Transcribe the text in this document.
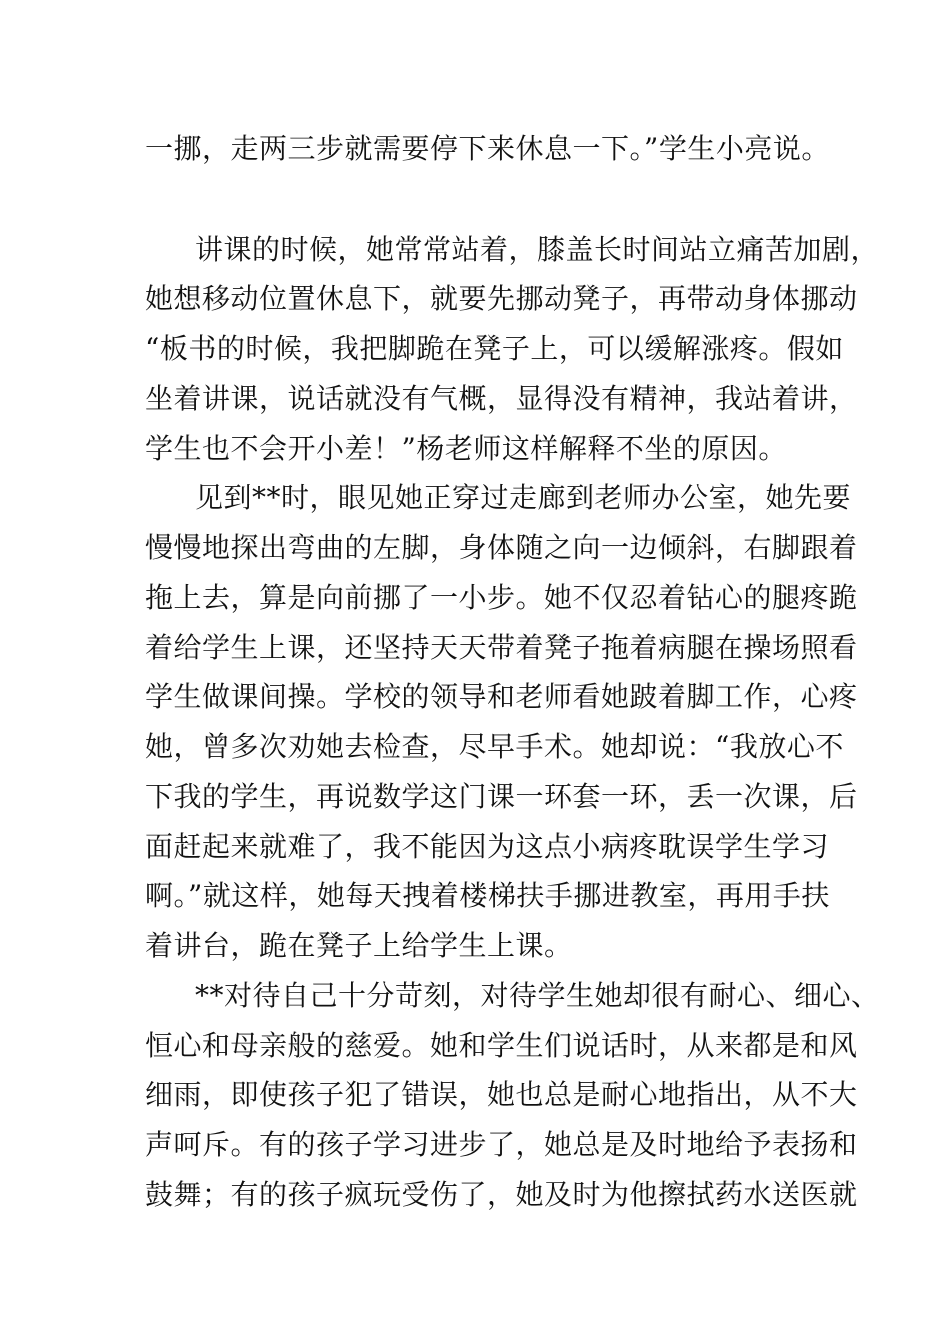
一挪，走两三步就需要停下来休息一下。”学生小亮说。
讲课的时候，她常常站着，膝盖长时间站立痛苦加剧，
她想移动位置休息下，就要先挪动凳子，再带动身体挪动
“板书的时候，我把脚跪在凳子上，可以缓解涨疼。假如
坐着讲课，说话就没有气概，显得没有精神，我站着讲，
学生也不会开小差！”杨老师这样解释不坐的原因。
见到**时，眼见她正穿过走廊到老师办公室，她先要
慢慢地探出弯曲的左脚，身体随之向一边倾斜，右脚跟着
拖上去，算是向前挪了一小步。她不仅忍着钻心的腿疼跪
着给学生上课，还坚持天天带着凳子拖着病腿在操场照看
学生做课间操。学校的领导和老师看她跛着脚工作，心疼
她，曾多次劝她去检查，尽早手术。她却说：“我放心不
下我的学生，再说数学这门课一环套一环，丢一次课，后
面赶起来就难了，我不能因为这点小病疼耽误学生学习
啊。”就这样，她每天拽着楼梯扶手挪进教室，再用手扶
着讲台，跪在凳子上给学生上课。
**对待自己十分苛刻，对待学生她却很有耐心、细心、
恒心和母亲般的慈爱。她和学生们说话时，从来都是和风
细雨，即使孩子犯了错误，她也总是耐心地指出，从不大
声呵斥。有的孩子学习进步了，她总是及时地给予表扬和
鼓舞；有的孩子疯玩受伤了，她及时为他擦拭药水送医就
